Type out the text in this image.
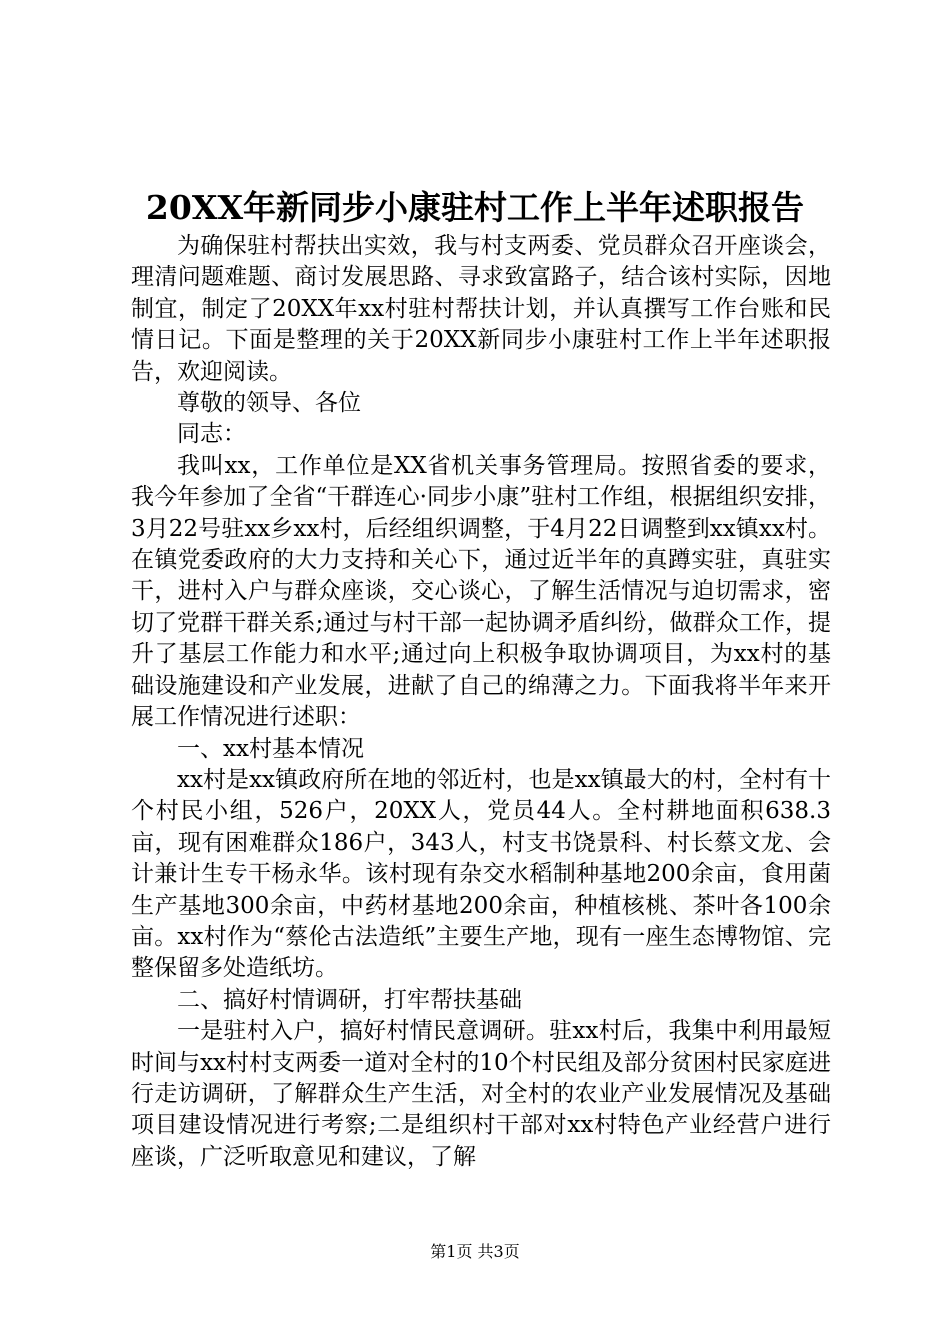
20XX年新同步小康驻村工作上半年述职报告

为确保驻村帮扶出实效，我与村支两委、党员群众召开座谈会，理清问题难题、商讨发展思路、寻求致富路子，结合该村实际，因地制宜，制定了20XX年xx村驻村帮扶计划，并认真撰写工作台账和民情日记。下面是整理的关于20XX新同步小康驻村工作上半年述职报告，欢迎阅读。

尊敬的领导、各位

同志：

我叫xx，工作单位是XX省机关事务管理局。按照省委的要求，我今年参加了全省“干群连心·同步小康”驻村工作组，根据组织安排，3月22号驻xx乡xx村，后经组织调整，于4月22日调整到xx镇xx村。在镇党委政府的大力支持和关心下，通过近半年的真蹲实驻，真驻实干，进村入户与群众座谈，交心谈心，了解生活情况与迫切需求，密切了党群干群关系;通过与村干部一起协调矛盾纠纷，做群众工作，提升了基层工作能力和水平;通过向上积极争取协调项目，为xx村的基础设施建设和产业发展，进献了自己的绵薄之力。下面我将半年来开展工作情况进行述职：

一、xx村基本情况

xx村是xx镇政府所在地的邻近村，也是xx镇最大的村，全村有十个村民小组，526户，20XX人，党员44人。全村耕地面积638.3亩，现有困难群众186户，343人，村支书饶景科、村长蔡文龙、会计兼计生专干杨永华。该村现有杂交水稻制种基地200余亩，食用菌生产基地300余亩，中药材基地200余亩，种植核桃、茶叶各100余亩。xx村作为“蔡伦古法造纸”主要生产地，现有一座生态博物馆、完整保留多处造纸坊。

二、搞好村情调研，打牢帮扶基础

一是驻村入户，搞好村情民意调研。驻xx村后，我集中利用最短时间与xx村村支两委一道对全村的10个村民组及部分贫困村民家庭进行走访调研，了解群众生产生活，对全村的农业产业发展情况及基础项目建设情况进行考察;二是组织村干部对xx村特色产业经营户进行座谈，广泛听取意见和建议，了解

第1页 共3页
